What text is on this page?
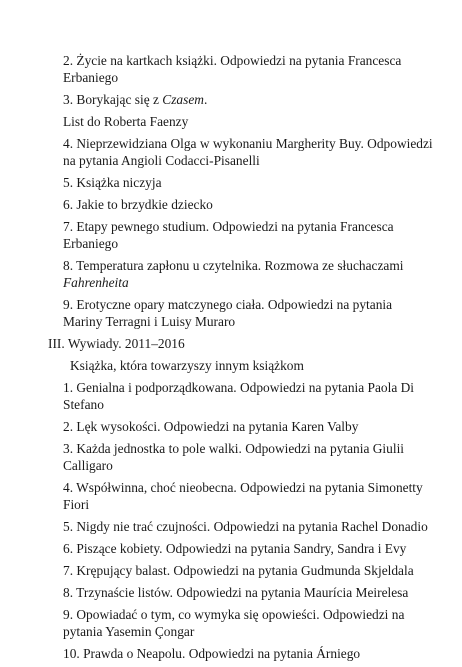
2. Życie na kartkach książki. Odpowiedzi na pytania Francesca Erbaniego
3. Borykając się z Czasem.
List do Roberta Faenzy
4. Nieprzewidziana Olga w wykonaniu Margherity Buy. Odpowiedzi na pytania Angioli Codacci-Pisanelli
5. Książka niczyja
6. Jakie to brzydkie dziecko
7. Etapy pewnego studium. Odpowiedzi na pytania Francesca Erbaniego
8. Temperatura zapłonu u czytelnika. Rozmowa ze słuchaczami Fahrenheita
9. Erotyczne opary matczynego ciała. Odpowiedzi na pytania Mariny Terragni i Luisy Muraro
III. Wywiady. 2011–2016
Książka, która towarzyszy innym książkom
1. Genialna i podporządkowana. Odpowiedzi na pytania Paola Di Stefano
2. Lęk wysokości. Odpowiedzi na pytania Karen Valby
3. Każda jednostka to pole walki. Odpowiedzi na pytania Giulii Calligaro
4. Współwinna, choć nieobecna. Odpowiedzi na pytania Simonetty Fiori
5. Nigdy nie trać czujności. Odpowiedzi na pytania Rachel Donadio
6. Piszące kobiety. Odpowiedzi na pytania Sandry, Sandra i Evy
7. Krępujący balast. Odpowiedzi na pytania Gudmunda Skjeldala
8. Trzynaście listów. Odpowiedzi na pytania Maurícia Meirelesa
9. Opowiadać o tym, co wymyka się opowieści. Odpowiedzi na pytania Yasemin Çongar
10. Prawda o Neapolu. Odpowiedzi na pytania Árniego
